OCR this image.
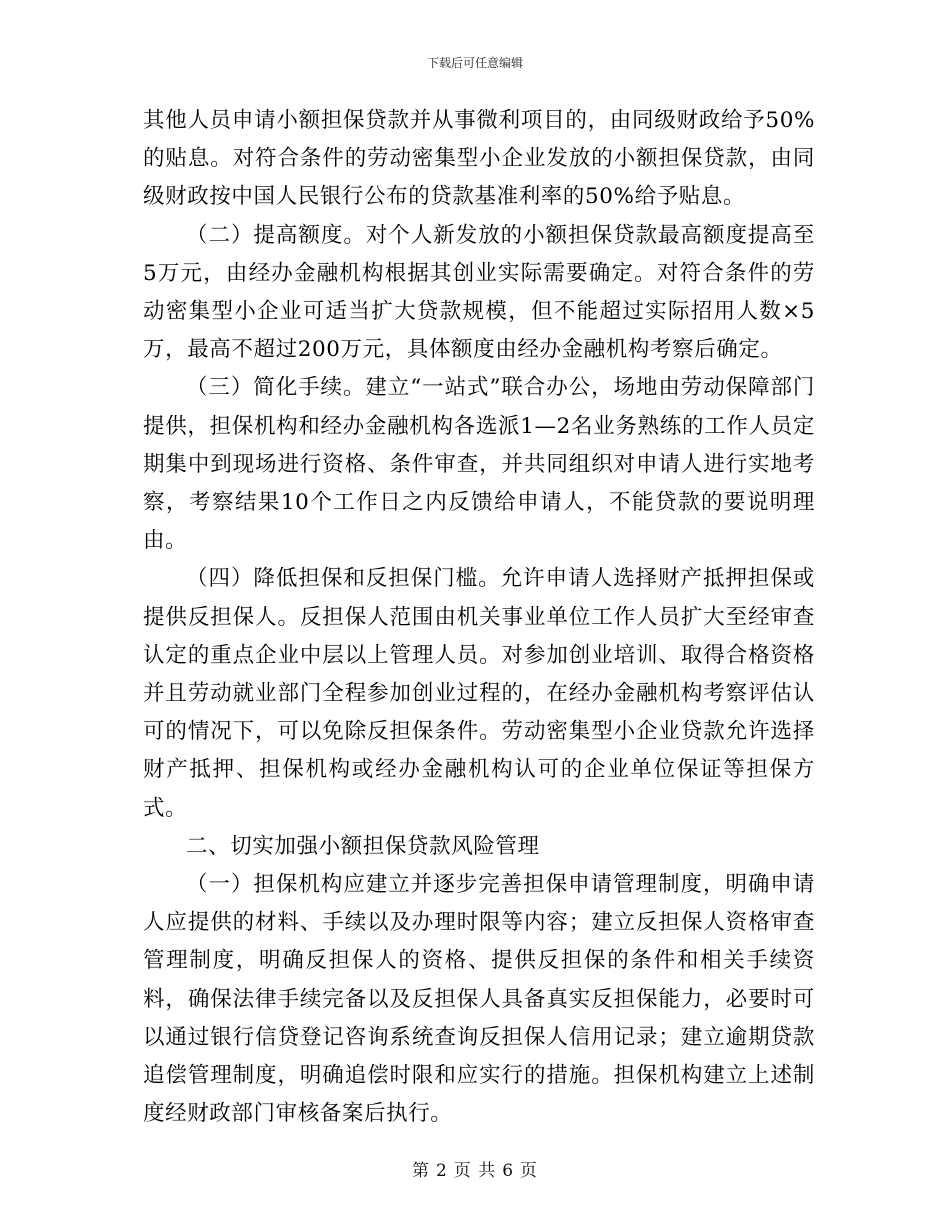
下载后可任意编辑

其他人员申请小额担保贷款并从事微利项目的，由同级财政给予50%的贴息。对符合条件的劳动密集型小企业发放的小额担保贷款，由同级财政按中国人民银行公布的贷款基准利率的50%给予贴息。

（二）提高额度。对个人新发放的小额担保贷款最高额度提高至5万元，由经办金融机构根据其创业实际需要确定。对符合条件的劳动密集型小企业可适当扩大贷款规模，但不能超过实际招用人数×5万，最高不超过200万元，具体额度由经办金融机构考察后确定。

（三）简化手续。建立“一站式”联合办公，场地由劳动保障部门提供，担保机构和经办金融机构各选派1—2名业务熟练的工作人员定期集中到现场进行资格、条件审查，并共同组织对申请人进行实地考察，考察结果10个工作日之内反馈给申请人，不能贷款的要说明理由。

（四）降低担保和反担保门槛。允许申请人选择财产抵押担保或提供反担保人。反担保人范围由机关事业单位工作人员扩大至经审查认定的重点企业中层以上管理人员。对参加创业培训、取得合格资格并且劳动就业部门全程参加创业过程的，在经办金融机构考察评估认可的情况下，可以免除反担保条件。劳动密集型小企业贷款允许选择财产抵押、担保机构或经办金融机构认可的企业单位保证等担保方式。

二、切实加强小额担保贷款风险管理

（一）担保机构应建立并逐步完善担保申请管理制度，明确申请人应提供的材料、手续以及办理时限等内容；建立反担保人资格审查管理制度，明确反担保人的资格、提供反担保的条件和相关手续资料，确保法律手续完备以及反担保人具备真实反担保能力，必要时可以通过银行信贷登记咨询系统查询反担保人信用记录；建立逾期贷款追偿管理制度，明确追偿时限和应实行的措施。担保机构建立上述制度经财政部门审核备案后执行。

第 2 页 共 6 页
